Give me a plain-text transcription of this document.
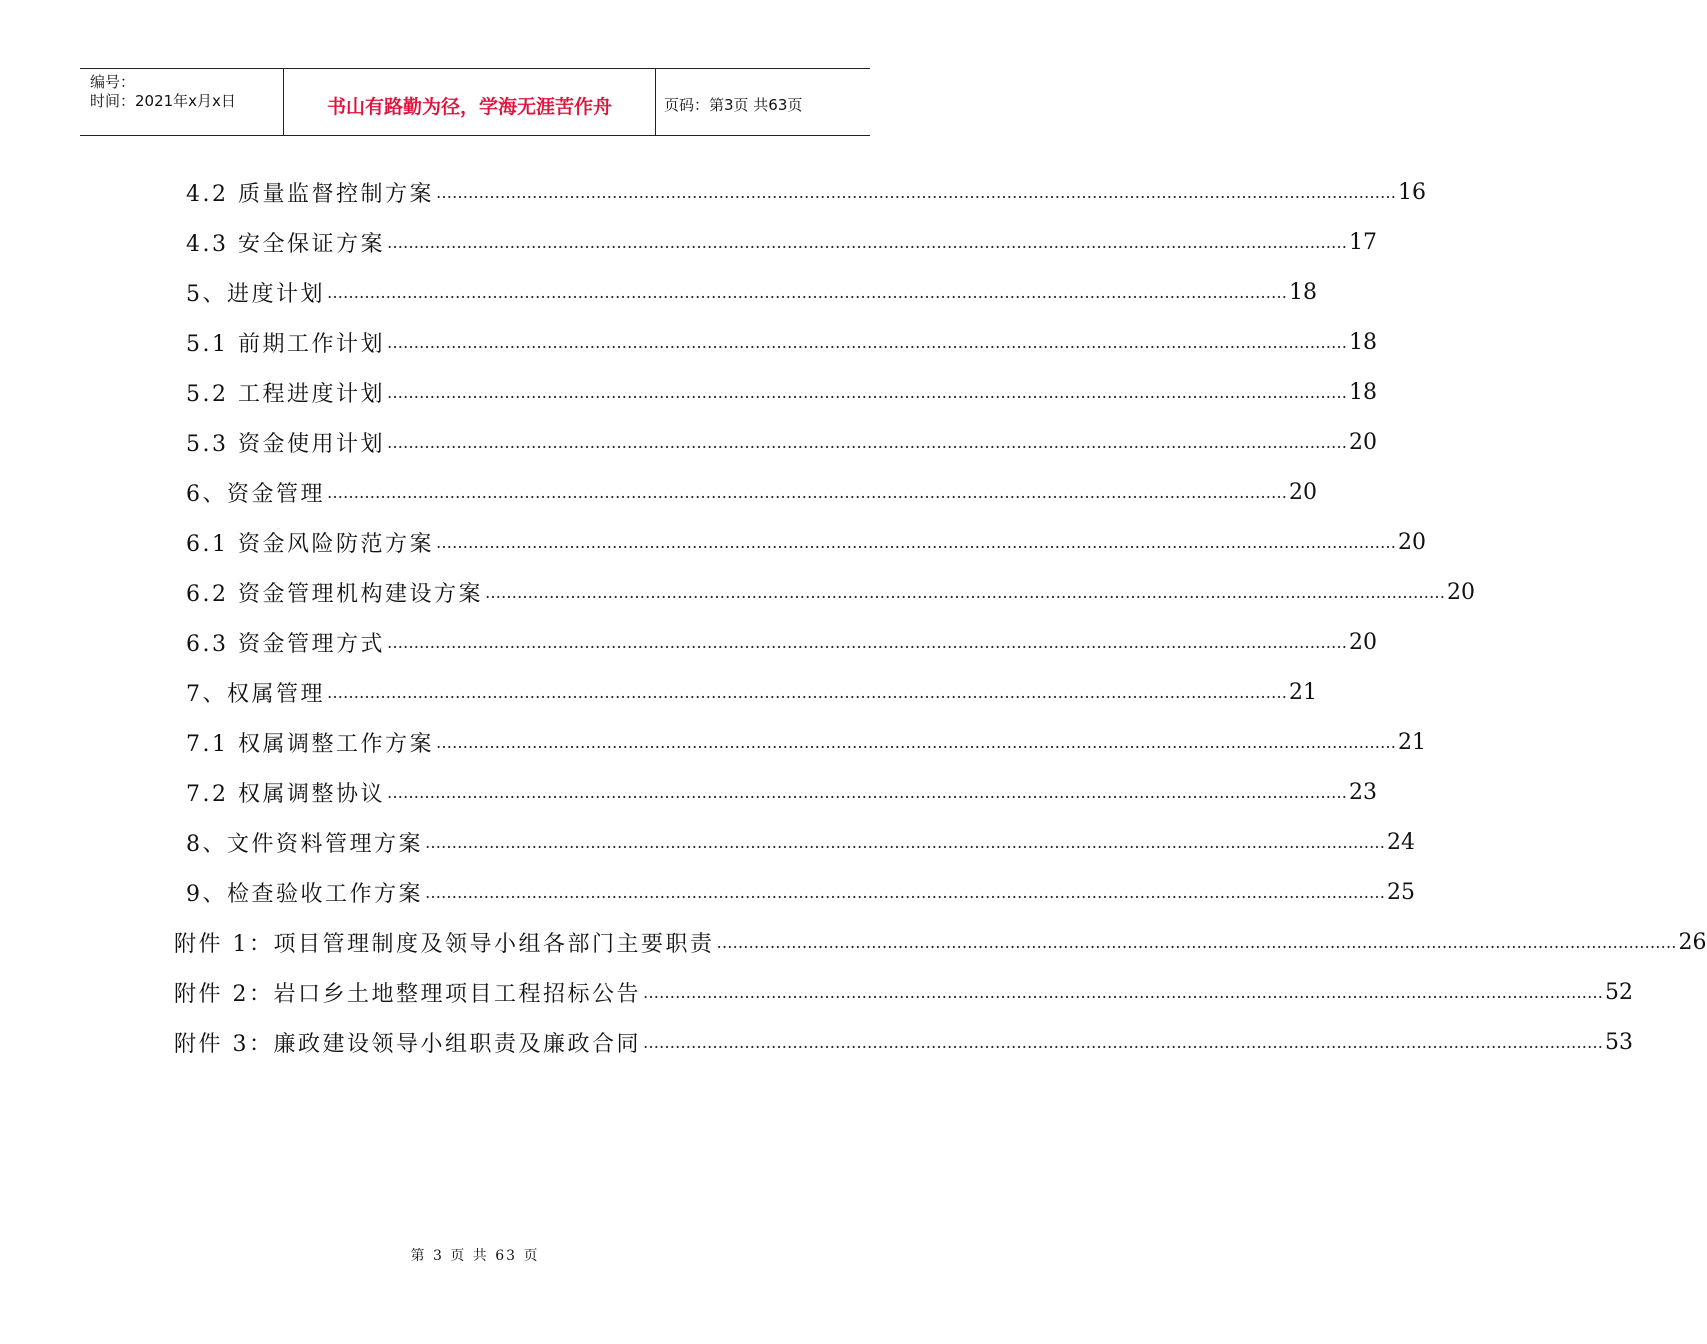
编号：
时间：2021年x月x日	书山有路勤为径，学海无涯苦作舟	页码：第3页 共63页
4.2 质量监督控制方案 ……………………………………………………………………………………………………………………………………………………………… 16
4.3 安全保证方案 ……………………………………………………………………………………………………………………………………………………………… 17
5、进度计划 ……………………………………………………………………………………………………………………………………………………………… 18
5.1 前期工作计划 ……………………………………………………………………………………………………………………………………………………………… 18
5.2 工程进度计划 ……………………………………………………………………………………………………………………………………………………………… 18
5.3 资金使用计划 ……………………………………………………………………………………………………………………………………………………………… 20
6、资金管理 ……………………………………………………………………………………………………………………………………………………………… 20
6.1 资金风险防范方案 ……………………………………………………………………………………………………………………………………………………………… 20
6.2 资金管理机构建设方案 ……………………………………………………………………………………………………………………………………………………………… 20
6.3 资金管理方式 ……………………………………………………………………………………………………………………………………………………………… 20
7、权属管理 ……………………………………………………………………………………………………………………………………………………………… 21
7.1 权属调整工作方案 ……………………………………………………………………………………………………………………………………………………………… 21
7.2 权属调整协议 ……………………………………………………………………………………………………………………………………………………………… 23
8、文件资料管理方案 ……………………………………………………………………………………………………………………………………………………………… 24
9、检查验收工作方案 ……………………………………………………………………………………………………………………………………………………………… 25
附件 1：项目管理制度及领导小组各部门主要职责 ……………………………………………………………………………………………………………………………………………………………… 26
附件 2：岩口乡土地整理项目工程招标公告 ……………………………………………………………………………………………………………………………………………………………… 52
附件 3：廉政建设领导小组职责及廉政合同 ……………………………………………………………………………………………………………………………………………………………… 53
第 3 页 共 63 页
